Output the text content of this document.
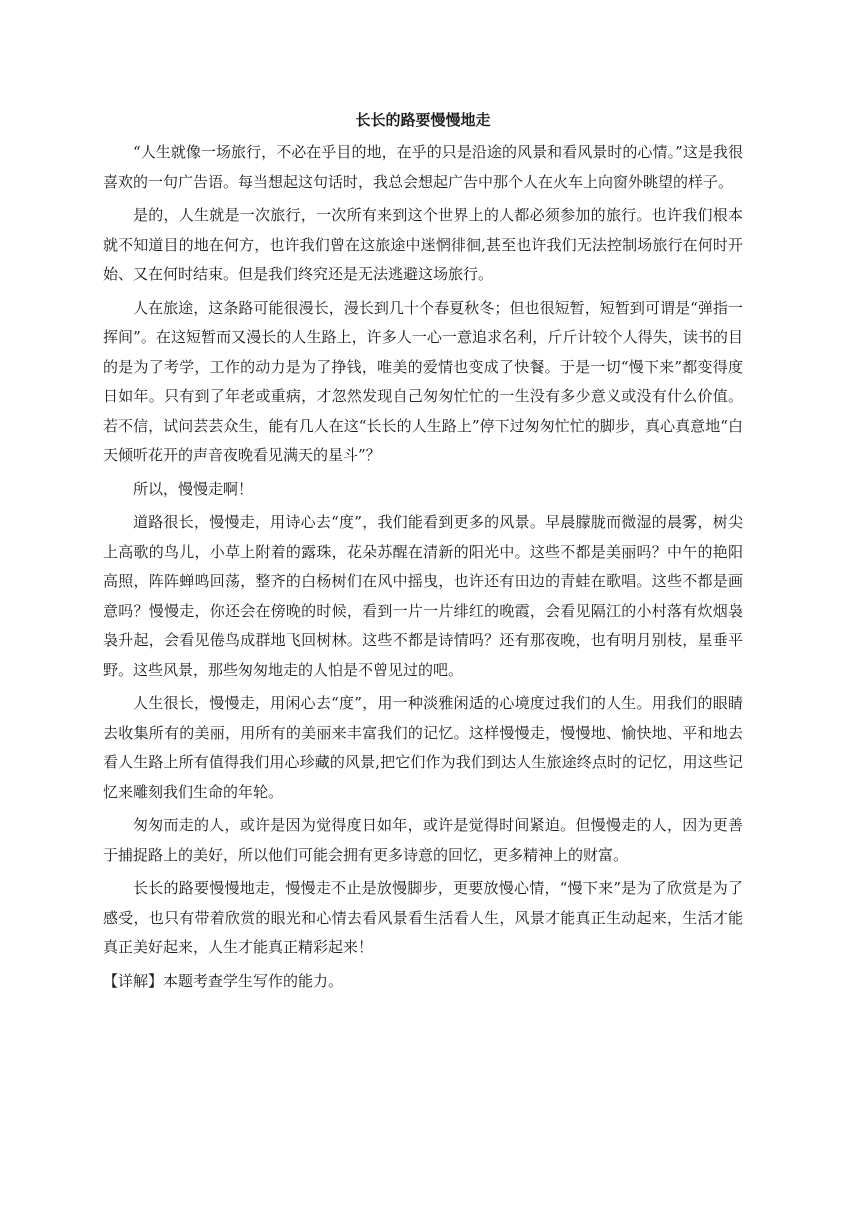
长长的路要慢慢地走

“人生就像一场旅行，不必在乎目的地，在乎的只是沿途的风景和看风景时的心情。”这是我很喜欢的一句广告语。每当想起这句话时，我总会想起广告中那个人在火车上向窗外眺望的样子。

是的，人生就是一次旅行，一次所有来到这个世界上的人都必须参加的旅行。也许我们根本就不知道目的地在何方，也许我们曾在这旅途中迷惘徘徊,甚至也许我们无法控制场旅行在何时开始、又在何时结束。但是我们终究还是无法逃避这场旅行。

人在旅途，这条路可能很漫长，漫长到几十个春夏秋冬；但也很短暂，短暂到可谓是“弹指一挥间”。在这短暂而又漫长的人生路上，许多人一心一意追求名利，斤斤计较个人得失，读书的目的是为了考学，工作的动力是为了挣钱，唯美的爱情也变成了快餐。于是一切“慢下来”都变得度日如年。只有到了年老或重病，才忽然发现自己匆匆忙忙的一生没有多少意义或没有什么价值。若不信，试问芸芸众生，能有几人在这“长长的人生路上”停下过匆匆忙忙的脚步，真心真意地“白天倾听花开的声音夜晚看见满天的星斗”？

所以，慢慢走啊！

道路很长，慢慢走，用诗心去“度”，我们能看到更多的风景。早晨朦胧而微湿的晨雾，树尖上高歌的鸟儿，小草上附着的露珠，花朵苏醒在清新的阳光中。这些不都是美丽吗？中午的艳阳高照，阵阵蝉鸣回荡，整齐的白杨树们在风中摇曳，也许还有田边的青蛙在歌唱。这些不都是画意吗？慢慢走，你还会在傍晚的时候，看到一片一片绯红的晚霞，会看见隔江的小村落有炊烟袅袅升起，会看见倦鸟成群地飞回树林。这些不都是诗情吗？还有那夜晚，也有明月别枝，星垂平野。这些风景，那些匆匆地走的人怕是不曾见过的吧。

人生很长，慢慢走，用闲心去“度”，用一种淡雅闲适的心境度过我们的人生。用我们的眼睛去收集所有的美丽，用所有的美丽来丰富我们的记忆。这样慢慢走，慢慢地、愉快地、平和地去看人生路上所有值得我们用心珍藏的风景,把它们作为我们到达人生旅途终点时的记忆，用这些记忆来雕刻我们生命的年轮。

匆匆而走的人，或许是因为觉得度日如年，或许是觉得时间紧迫。但慢慢走的人，因为更善于捕捉路上的美好，所以他们可能会拥有更多诗意的回忆，更多精神上的财富。

长长的路要慢慢地走，慢慢走不止是放慢脚步，更要放慢心情，“慢下来”是为了欣赏是为了感受，也只有带着欣赏的眼光和心情去看风景看生活看人生，风景才能真正生动起来，生活才能真正美好起来，人生才能真正精彩起来！

【详解】本题考查学生写作的能力。
